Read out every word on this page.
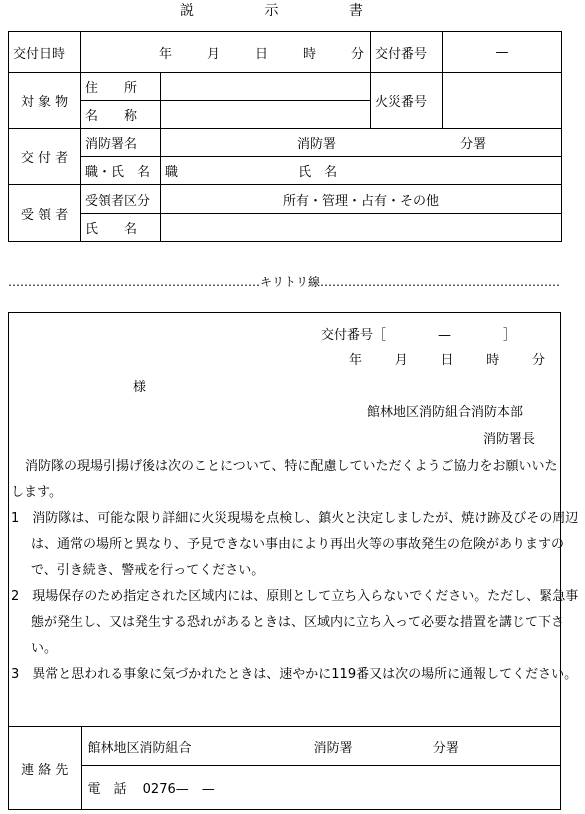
説	示	書
交付日時	年 月 日 時 分		交付番号	—
対 象 物	住　　所		火災番号	
	名　　称			
交 付 者	消防署名	消防署 分署		
	職・氏　名	職 氏　名		
受 領 者	受領者区分	所有・管理・占有・その他		
	氏　　名			
………………………………………………………キリトリ線……………………………………………………
交付番号［　　　　—　　　　］
年	月	日	時	分
様
館林地区消防組合消防本部
消防署長
消防隊の現場引揚げ後は次のことについて、特に配慮していただくようご協力をお願いいたします。
1　消防隊は、可能な限り詳細に火災現場を点検し、鎮火と決定しましたが、焼け跡及びその周辺は、通常の場所と異なり、予見できない事由により再出火等の事故発生の危険がありますので、引き続き、警戒を行ってください。
2　現場保存のため指定された区域内には、原則として立ち入らないでください。ただし、緊急事態が発生し、又は発生する恐れがあるときは、区域内に立ち入って必要な措置を講じて下さい。
3　異常と思われる事象に気づかれたときは、速やかに119番又は次の場所に通報してください。
連 絡 先	館林地区消防組合	消防署	分署
電　話 0276—　—
